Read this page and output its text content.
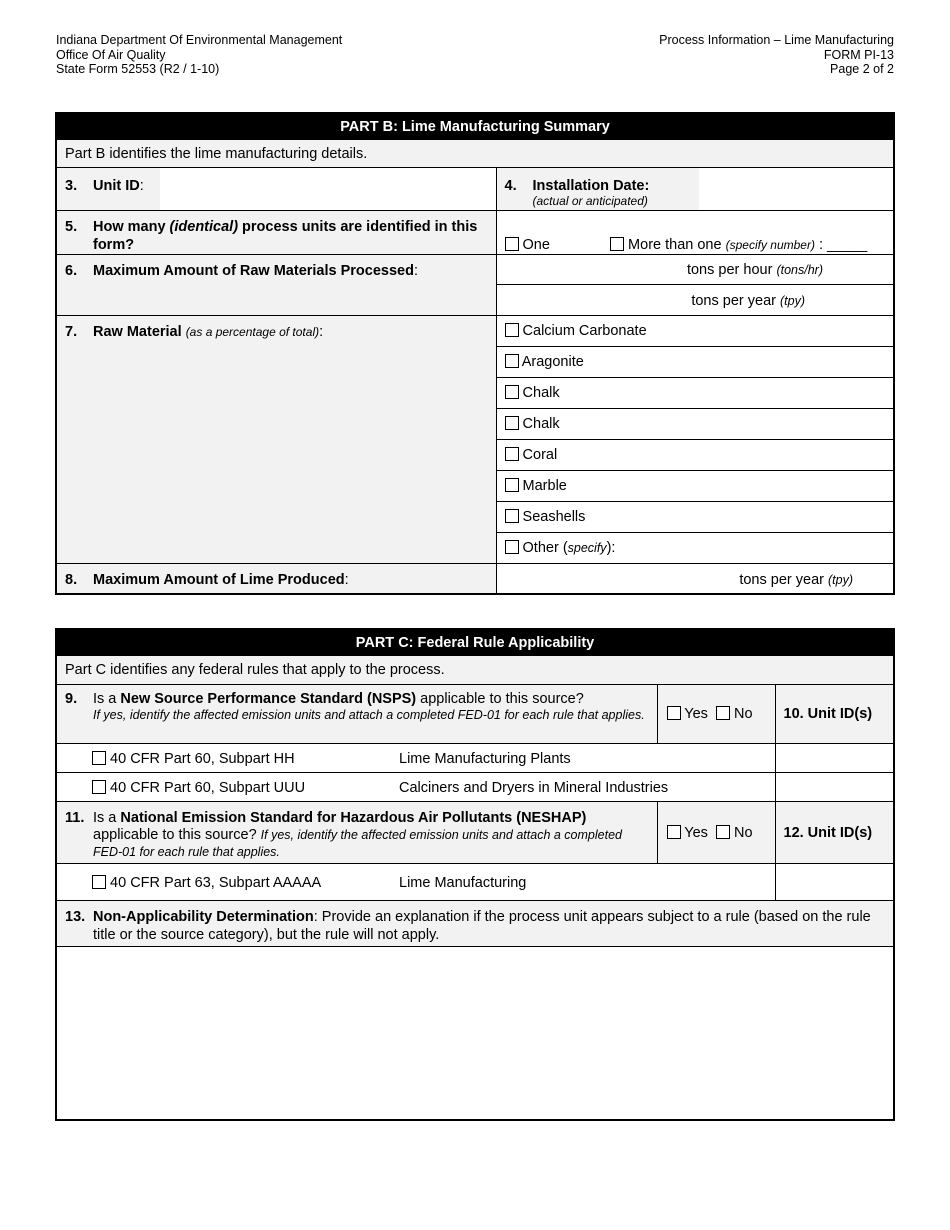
Indiana Department Of Environmental Management
Office Of Air Quality
State Form 52553 (R2 / 1-10)
Process Information – Lime Manufacturing
FORM PI-13
Page 2 of 2
PART B: Lime Manufacturing Summary			
Part B identifies the lime manufacturing details.			
3. Unit ID:		4. Installation Date:
(actual or anticipated)	

5. How many (identical) process units are identified in this form?		One More than one (specify number) : _____	
6. Maximum Amount of Raw Materials Processed:		tons per hour (tons/hr)	
		tons per year (tpy)	
7. Raw Material (as a percentage of total):		Calcium Carbonate	
		Aragonite	
		Chalk	
		Chalk	
		Coral	
		Marble	
		Seashells	
		Other (specify):	
8. Maximum Amount of Lime Produced:		tons per year (tpy)	
PART C: Federal Rule Applicability				
Part C identifies any federal rules that apply to the process.				

9. Is a New Source Performance Standard (NSPS) applicable to this source?
If yes, identify the affected emission units and attach a completed FED-01 for each rule that applies.			Yes No	10. Unit ID(s)
	40 CFR Part 60, Subpart HH	Lime Manufacturing Plants		
	40 CFR Part 60, Subpart UUU	Calciners and Dryers in Mineral Industries		

11. Is a National Emission Standard for Hazardous Air Pollutants (NESHAP) applicable to this source? If yes, identify the affected emission units and attach a completed FED-01 for each rule that applies.			Yes No	12. Unit ID(s)
	40 CFR Part 63, Subpart AAAAA	Lime Manufacturing		

13. Non-Applicability Determination: Provide an explanation if the process unit appears subject to a rule (based on the rule title or the source category), but the rule will not apply.				
